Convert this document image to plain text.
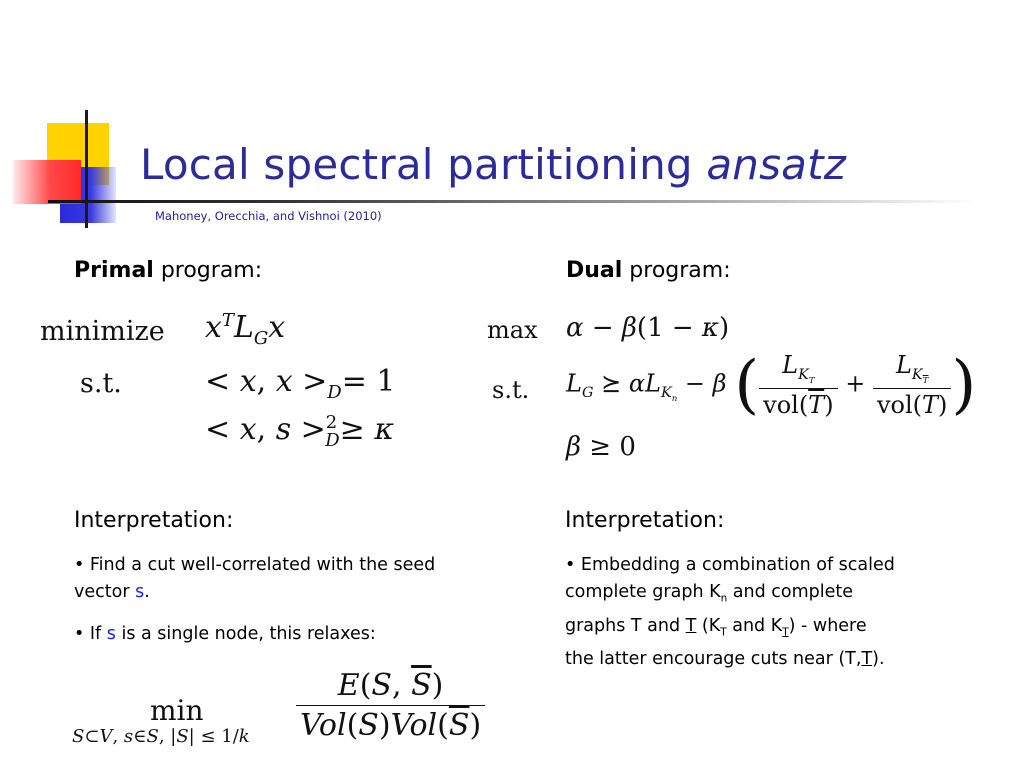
Local spectral partitioning ansatz
Mahoney, Orecchia, and Vishnoi (2010)
Primal program:
minimize $x^TL_Gx$
s.t.	< x, $x >_D= 1$
< x, s >$^2_D$≥ κ
Dual program:
max α − β(1 − κ)
s.t. $L_G$ ⪰ $\alpha L_{K_n} - \beta$ ( $\frac{L_{K_T}}{vol(\overline{T})} + \frac{L_{K_{\overline{T}}}}{\text{vol(T)}}$ )
β ≥ 0
Interpretation:
• Find a cut well-correlated with the seed vector s.
• If s is a single node, this relaxes:
min
S⊂V, s∈S, $|S| \le 1/k \frac{E(S, \overline{S})}{Vol(S)Vol(\overline{S})}$
Interpretation:
• Embedding a combination of scaled
complete graph $K_n$ and complete
graphs T and T ($K_T$ and $K_T$) - where
the latter encourage cuts near (T,T).
